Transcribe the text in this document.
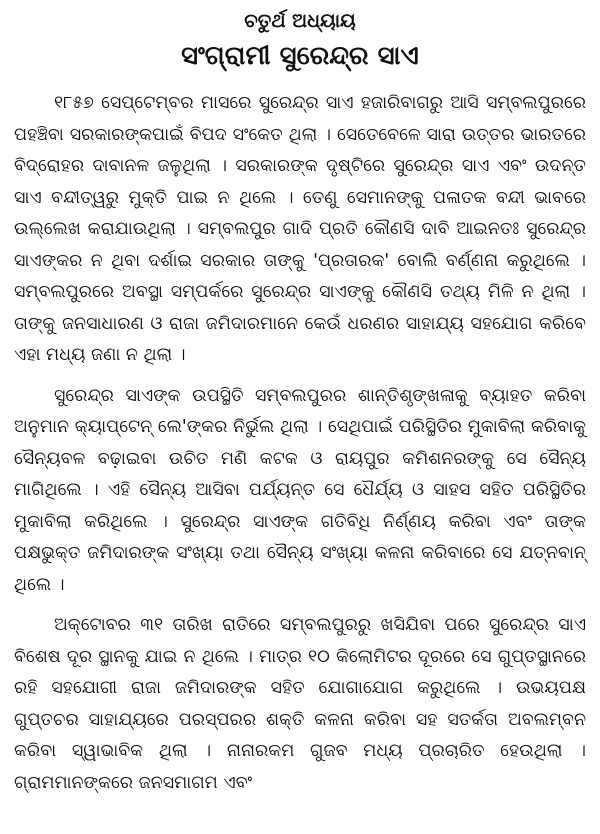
ଚତୁର୍ଥ ଅଧ୍ୟାୟ
ସଂଗ୍ରାମୀ ସୁରେନ୍ଦ୍ର ସାଏ

୧୮୫୭ ସେପ୍ଟେମ୍ବର ମାସରେ ସୁରେନ୍ଦ୍ର ସାଏ ହଜାରିବାଗରୁ ଆସି ସମ୍ବଲପୁରରେ ପହଞ୍ଚିବା ସରକାରଙ୍କପାଇଁ ବିପଦ ସଂକେତ ଥିଲା । ସେତେବେଳେ ସାରା ଉତ୍ତର ଭାରତରେ ବିଦ୍ରୋହର ଦାବାନଳ ଜଳୁଥିଲା । ସରକାରଙ୍କ ଦୃଷ୍ଟିରେ ସୁରେନ୍ଦ୍ର ସାଏ ଏବଂ ଉଦନ୍ତ ସାଏ ବନ୍ଦୀତ୍ୱରୁ ମୁକ୍ତି ପାଇ ନ ଥିଲେ । ତେଣୁ ସେମାନଙ୍କୁ ପଳାତକ ବନ୍ଦୀ ଭାବରେ ଉଲ୍ଲେଖ କରାଯାଉଥିଲା । ସମ୍ବଲପୁର ଗାଦି ପ୍ରତି କୌଣସି ଦାବି ଆଇନତଃ ସୁରେନ୍ଦ୍ର ସାଏଙ୍କର ନ ଥିବା ଦର୍ଶାଇ ସରକାର ତାଙ୍କୁ 'ପ୍ରତାରକ' ବୋଲି ବର୍ଣ୍ଣନା କରୁଥିଲେ । ସମ୍ବଲପୁରରେ ଅବସ୍ଥା ସମ୍ପର୍କରେ ସୁରେନ୍ଦ୍ର ସାଏଙ୍କୁ କୌଣସି ତଥ୍ୟ ମିଳି ନ ଥିଲା । ତାଙ୍କୁ ଜନସାଧାରଣ ଓ ରାଜା ଜମିଦାରମାନେ କେଉଁ ଧରଣର ସାହାଯ୍ୟ ସହଯୋଗ କରିବେ ଏହା ମଧ୍ୟ ଜଣା ନ ଥିଲା ।

ସୁରେନ୍ଦ୍ର ସାଏଙ୍କ ଉପସ୍ଥିତି ସମ୍ବଲପୁରର ଶାନ୍ତିଶୃଙ୍ଖଳାକୁ ବ୍ୟାହତ କରିବା ଅନୁମାନ କ୍ୟାପ୍‌ଟେନ୍ ଲେ'ଙ୍କର ନିର୍ଭୁଲ ଥିଲା । ସେଥିପାଇଁ ପରିସ୍ଥିତିର ମୁକାବିଲା କରିବାକୁ ସୈନ୍ୟବଳ ବଢ଼ାଇବା ଉଚିତ ମଣି କଟକ ଓ ରାୟପୁର କମିଶନରଙ୍କୁ ସେ ସୈନ୍ୟ ମାଗିଥିଲେ । ଏହି ସୈନ୍ୟ ଆସିବା ପର୍ଯ୍ୟନ୍ତ ସେ ଧୈର୍ଯ୍ୟ ଓ ସାହସ ସହିତ ପରିସ୍ଥିତିର ମୁକାବିଲା କରିଥିଲେ । ସୁରେନ୍ଦ୍ର ସାଏଙ୍କ ଗତିବିଧି ନିର୍ଣ୍ଣୟ କରିବା ଏବଂ ତାଙ୍କ ପକ୍ଷଭୁକ୍ତ ଜମିଦାରଙ୍କ ସଂଖ୍ୟା ତଥା ସୈନ୍ୟ ସଂଖ୍ୟା କଳନା କରିବାରେ ସେ ଯତ୍ନବାନ୍ ଥିଲେ ।

ଅକ୍ଟୋବର ୩୧ ତାରିଖ ରାତିରେ ସମ୍ବଲପୁରରୁ ଖସିଯିବା ପରେ ସୁରେନ୍ଦ୍ର ସାଏ ବିଶେଷ ଦୂର ସ୍ଥାନକୁ ଯାଇ ନ ଥିଲେ । ମାତ୍ର ୧୦ କିଲୋମିଟର ଦୂରରେ ସେ ଗୁପ୍ତସ୍ଥାନରେ ରହି ସହଯୋଗୀ ରାଜା ଜମିଦାରଙ୍କ ସହିତ ଯୋଗାଯୋଗ କରୁଥିଲେ । ଉଭୟପକ୍ଷ ଗୁପ୍ତଚର ସାହାଯ୍ୟରେ ପରସ୍ପରର ଶକ୍ତି କଳନା କରିବା ସହ ସତର୍କତା ଅବଲମ୍ବନ କରିବା ସ୍ୱାଭାବିକ ଥିଲା । ନାନାରକମ ଗୁଜବ ମଧ୍ୟ ପ୍ରଚାରିତ ହେଉଥିଲା । ଗ୍ରାମମାନଙ୍କରେ ଜନସମାଗମ ଏବଂ
